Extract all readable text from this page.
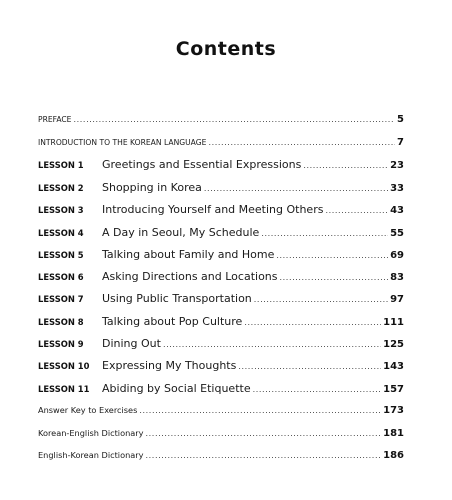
Contents
PREFACE .....	5
INTRODUCTION TO THE KOREAN LANGUAGE .....	7
LESSON 1	Greetings and Essential Expressions .....	23
LESSON 2	Shopping in Korea .....	33
LESSON 3	Introducing Yourself and Meeting Others .....	43
LESSON 4	A Day in Seoul, My Schedule .....	55
LESSON 5	Talking about Family and Home .....	69
LESSON 6	Asking Directions and Locations .....	83
LESSON 7	Using Public Transportation .....	97
LESSON 8	Talking about Pop Culture .....	111
LESSON 9	Dining Out .....	125
LESSON 10	Expressing My Thoughts .....	143
LESSON 11	Abiding by Social Etiquette .....	157
Answer Key to Exercises .....	173
Korean-English Dictionary .....	181
English-Korean Dictionary .....	186
